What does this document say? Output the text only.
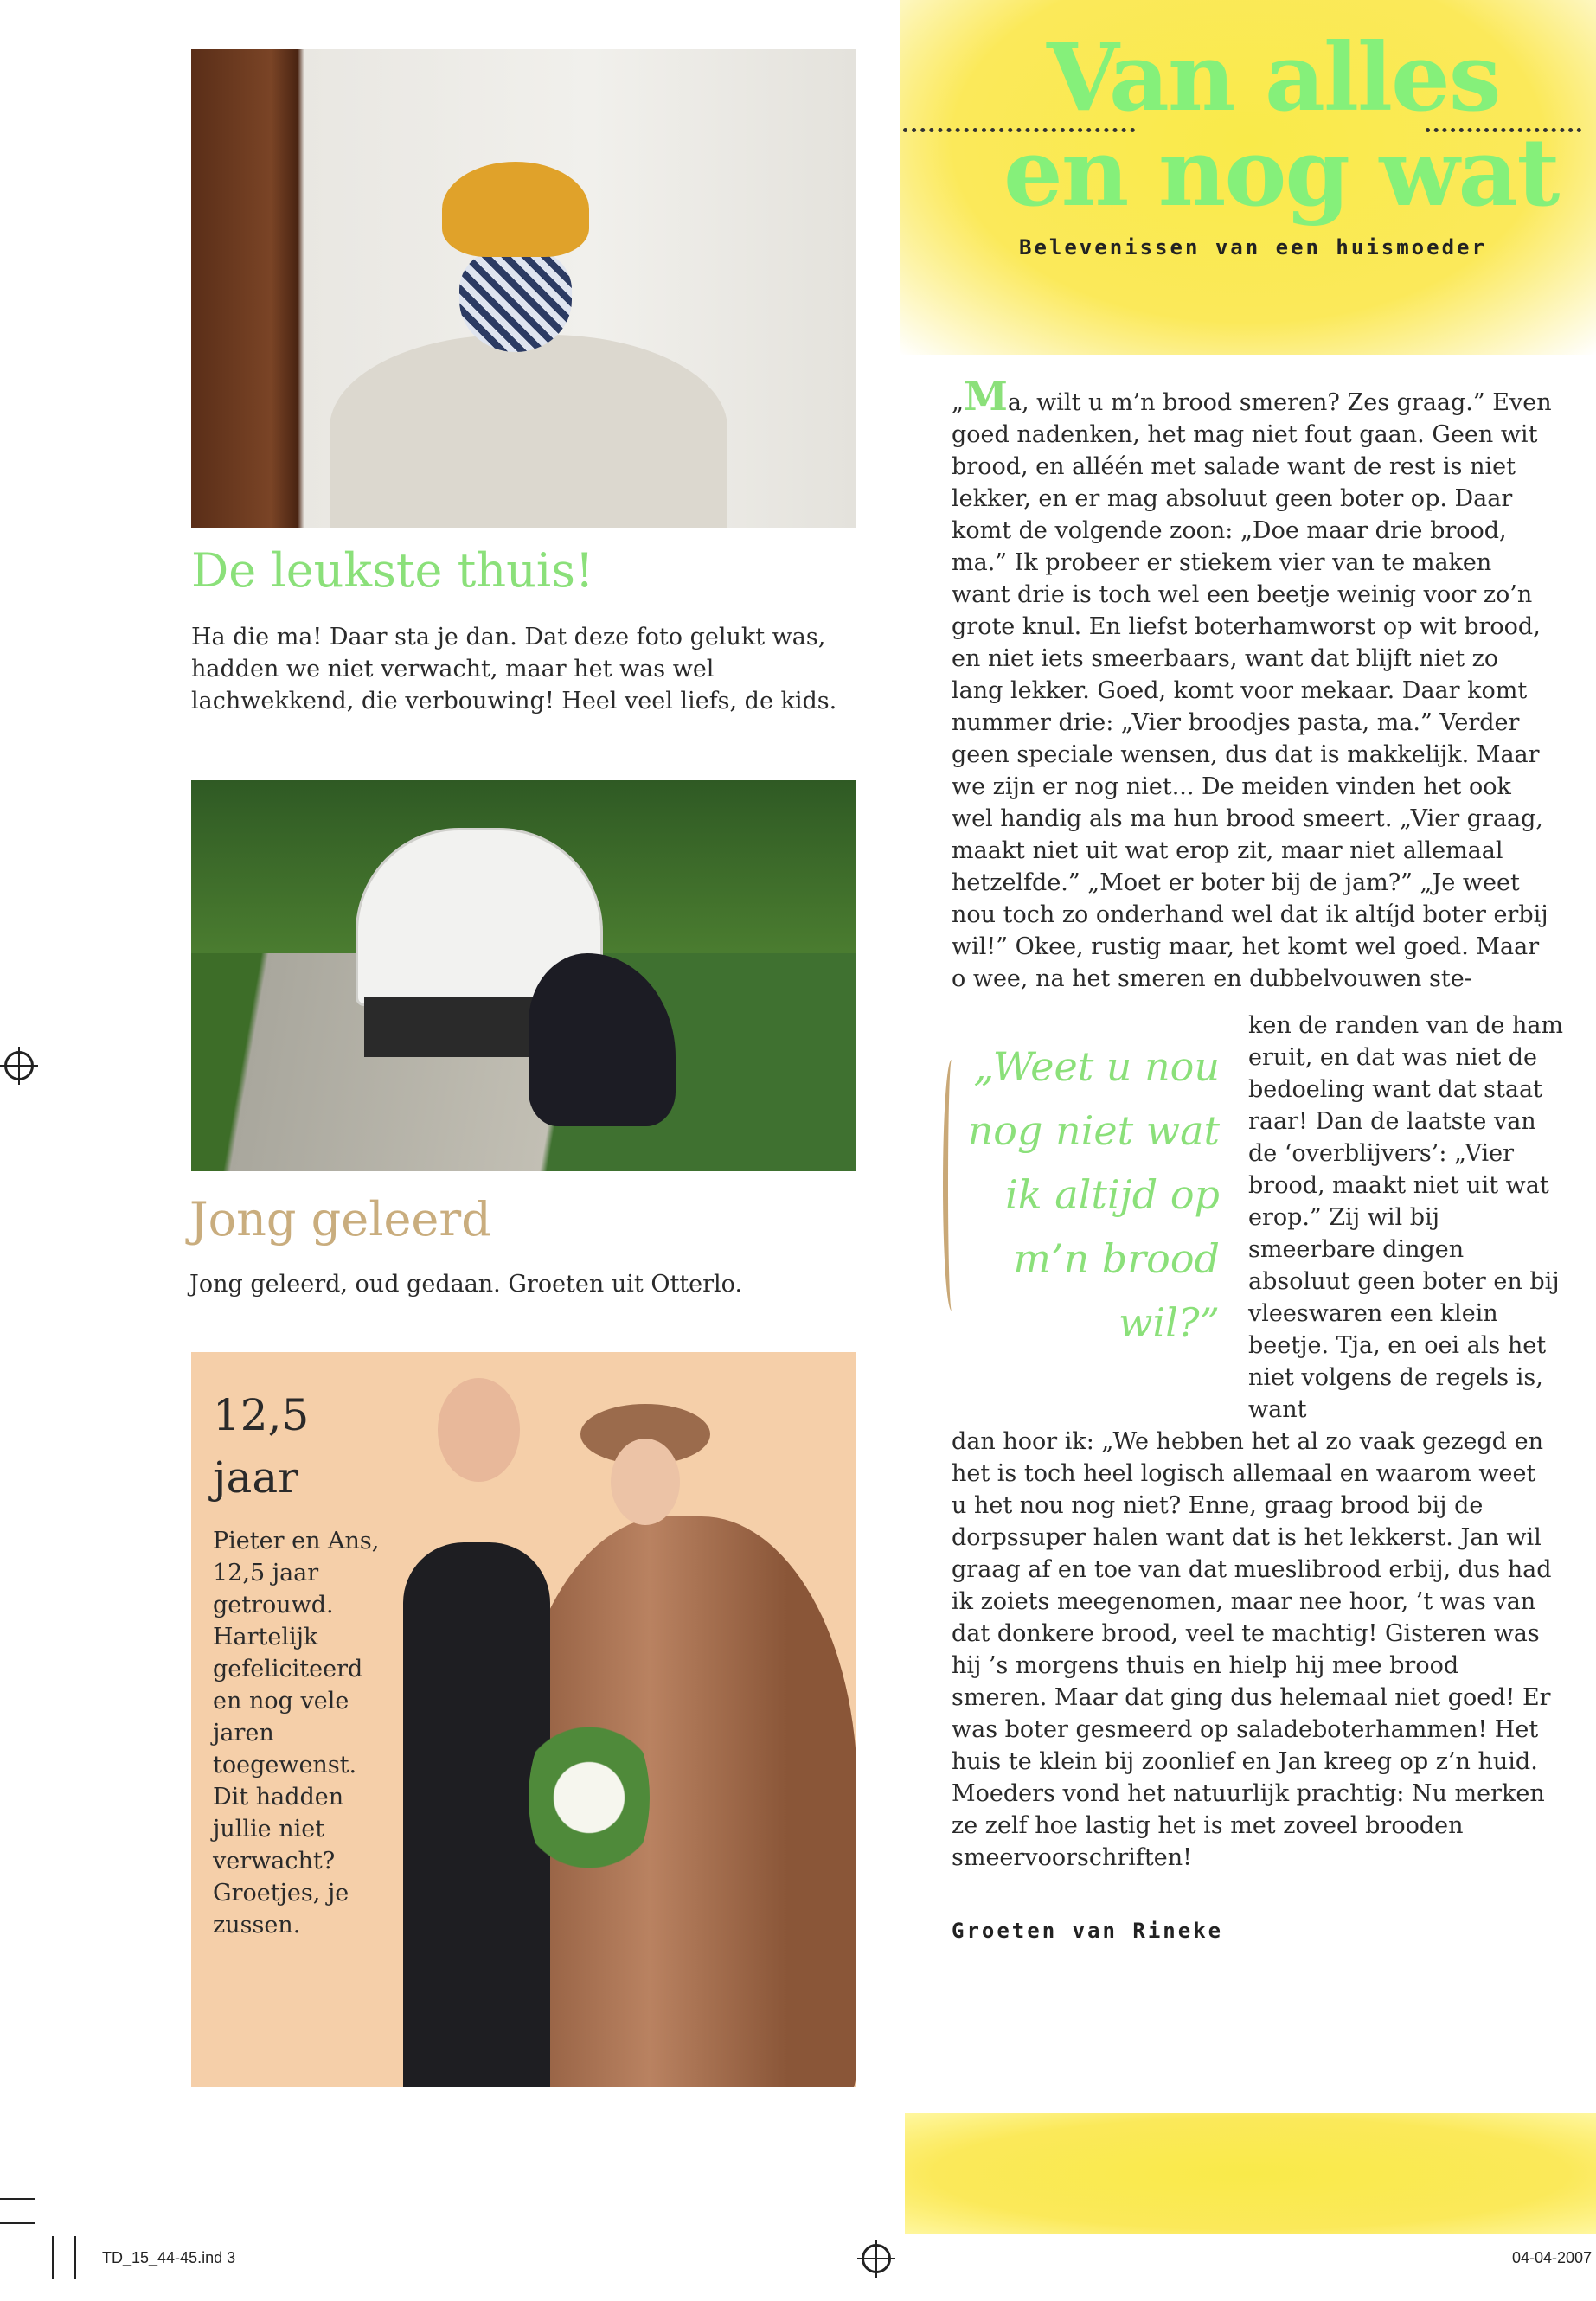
De leukste thuis!

Ha die ma! Daar sta je dan. Dat deze foto gelukt was, hadden we niet verwacht, maar het was wel lachwekkend, die verbouwing! Heel veel liefs, de kids.

Jong geleerd

Jong geleerd, oud gedaan. Groeten uit Otterlo.

12,5 jaar

Pieter en Ans, 12,5 jaar getrouwd. Hartelijk gefeliciteerd en nog vele jaren toegewenst. Dit hadden jullie niet verwacht? Groetjes, je zussen.

Van alles
en nog wat
Belevenissen van een huismoeder

„Ma, wilt u m’n brood smeren? Zes graag.” Even goed nadenken, het mag niet fout gaan. Geen wit brood, en alléén met salade want de rest is niet lekker, en er mag absoluut geen boter op. Daar komt de volgende zoon: „Doe maar drie brood, ma.” Ik probeer er stiekem vier van te maken want drie is toch wel een beetje weinig voor zo’n grote knul. En liefst boterhamworst op wit brood, en niet iets smeerbaars, want dat blijft niet zo lang lekker. Goed, komt voor mekaar. Daar komt nummer drie: „Vier broodjes pasta, ma.” Verder geen speciale wensen, dus dat is makkelijk. Maar we zijn er nog niet... De meiden vinden het ook wel handig als ma hun brood smeert. „Vier graag, maakt niet uit wat erop zit, maar niet allemaal hetzelfde.” „Moet er boter bij de jam?” „Je weet nou toch zo onderhand wel dat ik altíjd boter erbij wil!” Okee, rustig maar, het komt wel goed. Maar o wee, na het smeren en dubbelvouwen ste-

„Weet u nou nog niet wat ik altijd op m’n brood wil?”

ken de randen van de ham eruit, en dat was niet de bedoeling want dat staat raar! Dan de laatste van de ‘overblijvers’: „Vier brood, maakt niet uit wat erop.” Zij wil bij smeerbare dingen absoluut geen boter en bij vleeswaren een klein beetje. Tja, en oei als het niet volgens de regels is, want

dan hoor ik: „We hebben het al zo vaak gezegd en het is toch heel logisch allemaal en waarom weet u het nou nog niet? Enne, graag brood bij de dorpssuper halen want dat is het lekkerst. Jan wil graag af en toe van dat mueslibrood erbij, dus had ik zoiets meegenomen, maar nee hoor, ’t was van dat donkere brood, veel te machtig! Gisteren was hij ’s morgens thuis en hielp hij mee brood smeren. Maar dat ging dus helemaal niet goed! Er was boter gesmeerd op saladeboterhammen! Het huis te klein bij zoonlief en Jan kreeg op z’n huid. Moeders vond het natuurlijk prachtig: Nu merken ze zelf hoe lastig het is met zoveel brooden smeervoorschriften!

Groeten van Rineke
TD_15_44-45.ind 3	04-04-2007
